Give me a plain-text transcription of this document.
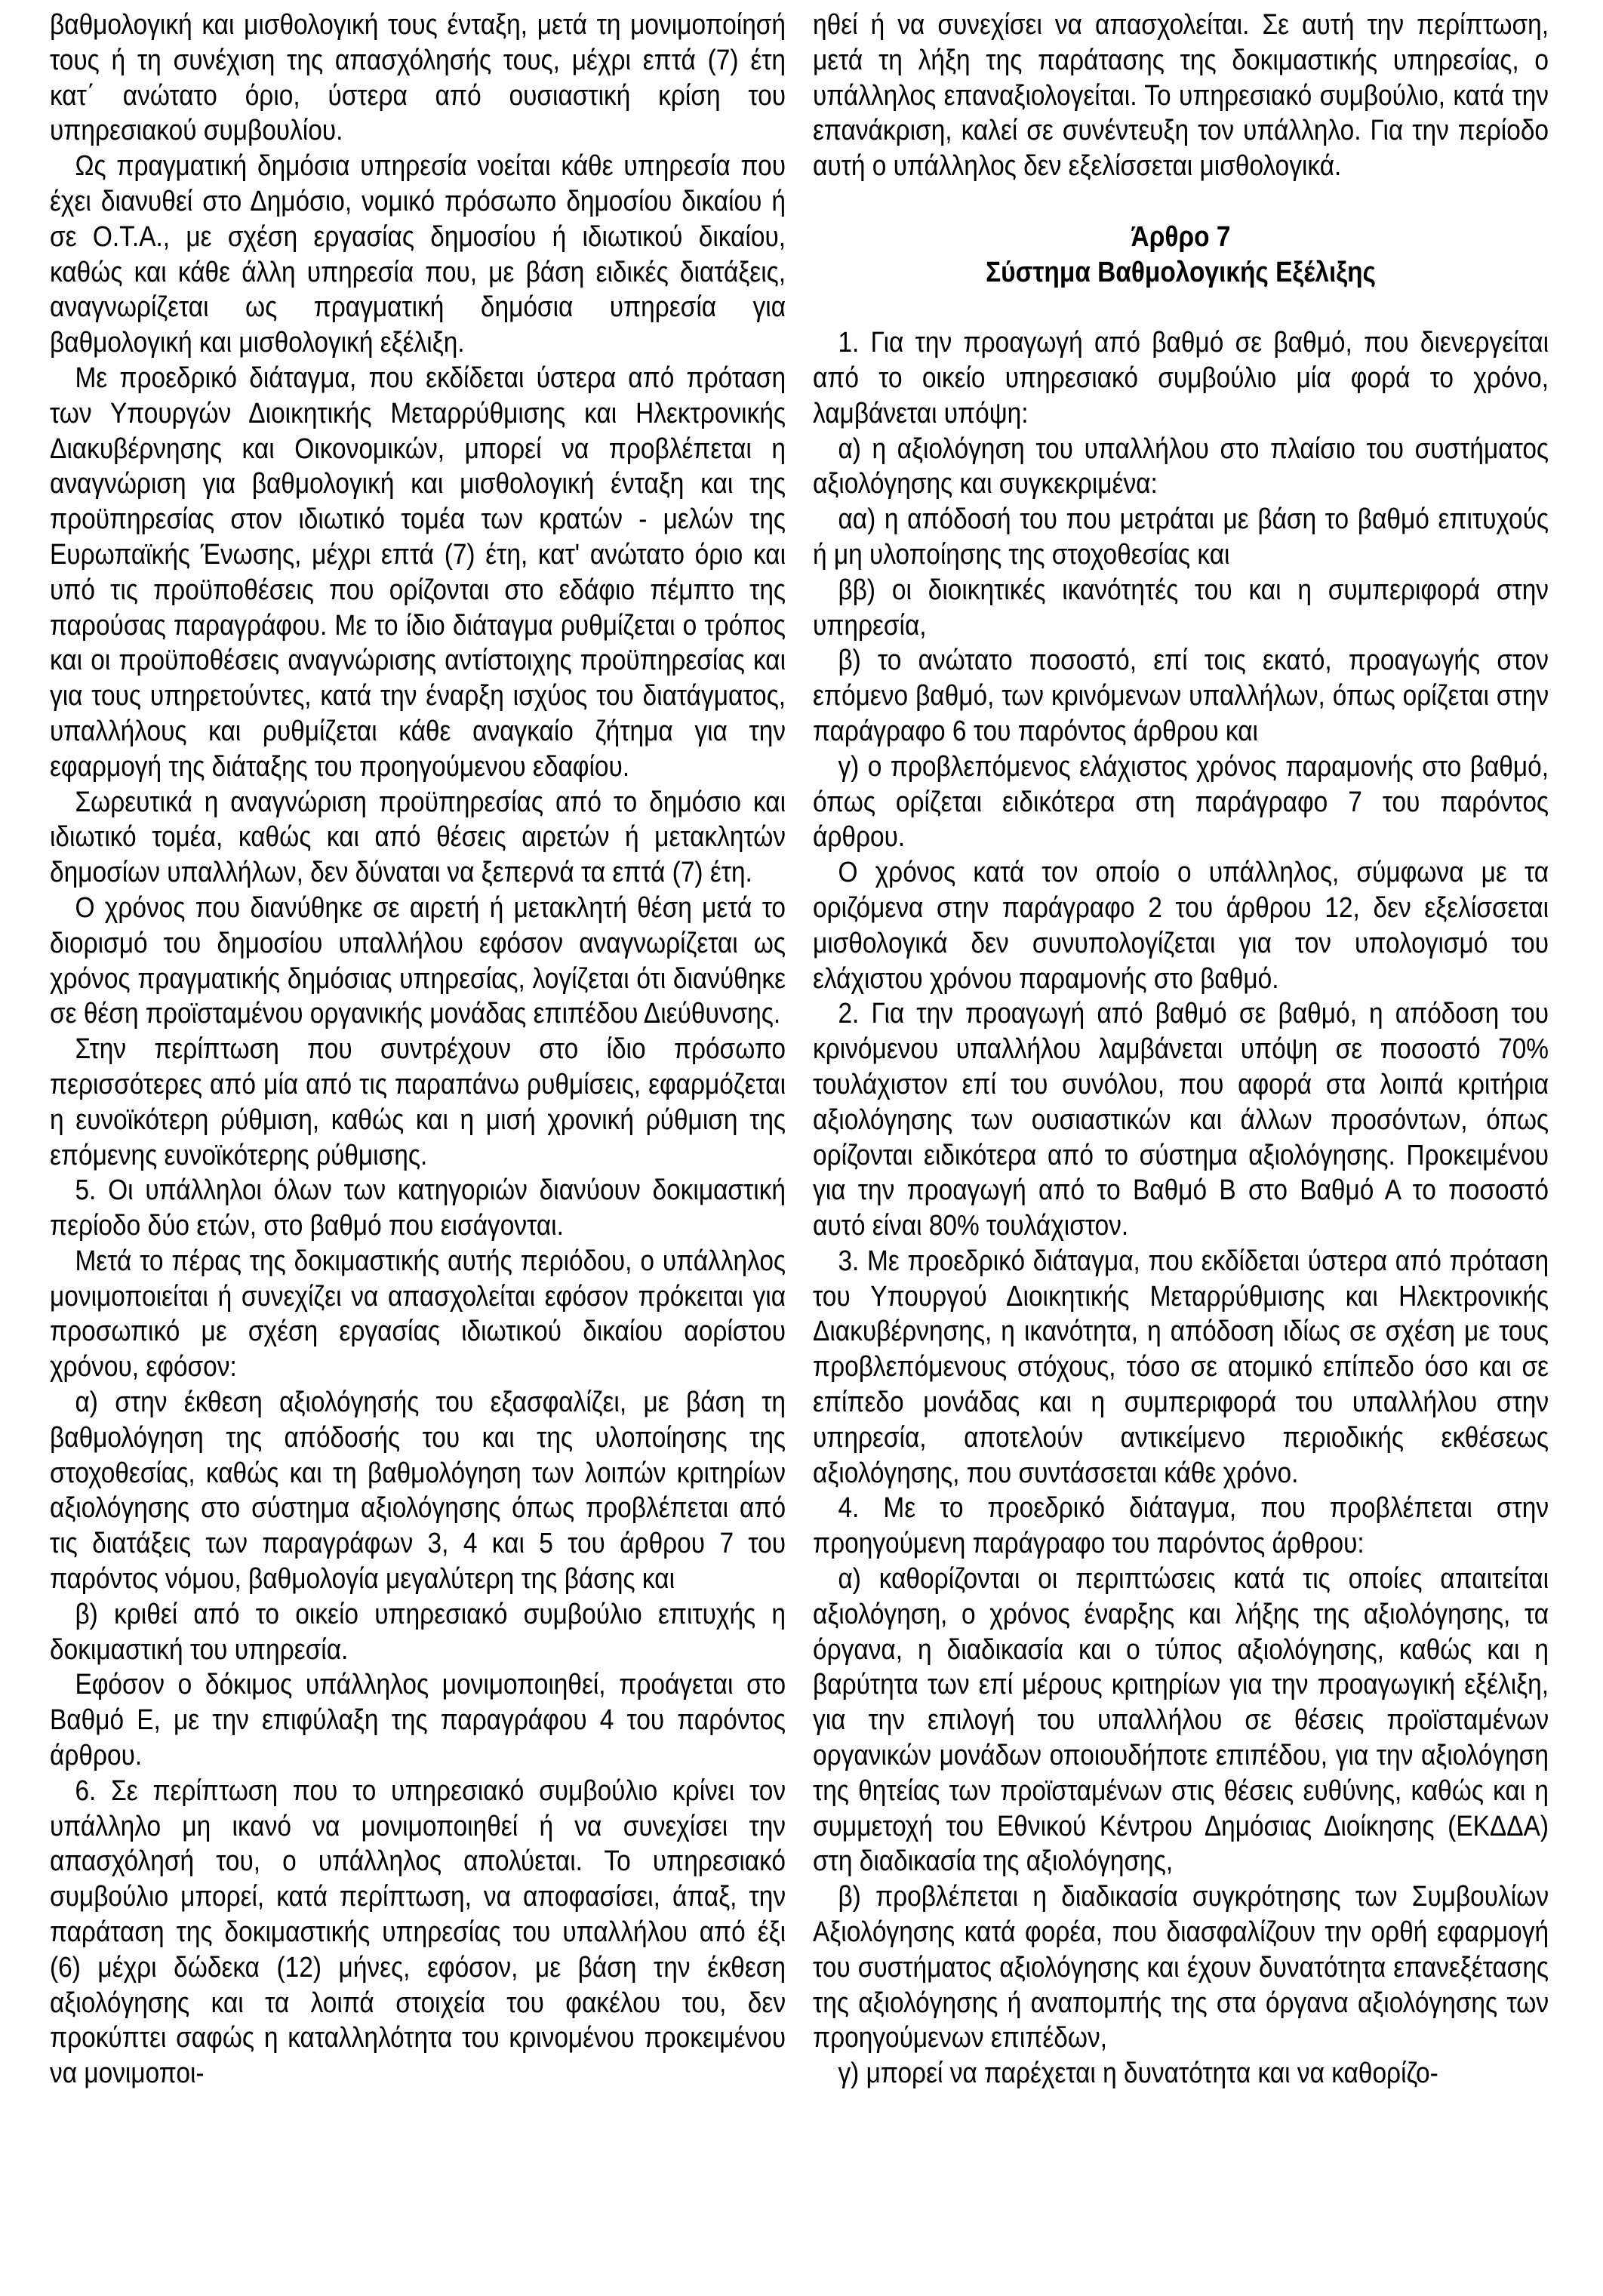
βαθμολογική και μισθολογική τους ένταξη, μετά τη μονιμοποίησή τους ή τη συνέχιση της απασχόλησής τους, μέχρι επτά (7) έτη κατ΄ ανώτατο όριο, ύστερα από ουσιαστική κρίση του υπηρεσιακού συμβουλίου.

Ως πραγματική δημόσια υπηρεσία νοείται κάθε υπηρεσία που έχει διανυθεί στο Δημόσιο, νομικό πρόσωπο δημοσίου δικαίου ή σε Ο.Τ.Α., με σχέση εργασίας δημοσίου ή ιδιωτικού δικαίου, καθώς και κάθε άλλη υπηρεσία που, με βάση ειδικές διατάξεις, αναγνωρίζεται ως πραγματική δημόσια υπηρεσία για βαθμολογική και μισθολογική εξέλιξη.

Με προεδρικό διάταγμα, που εκδίδεται ύστερα από πρόταση των Υπουργών Διοικητικής Μεταρρύθμισης και Ηλεκτρονικής Διακυβέρνησης και Οικονομικών, μπορεί να προβλέπεται η αναγνώριση για βαθμολογική και μισθολογική ένταξη και της προϋπηρεσίας στον ιδιωτικό τομέα των κρατών - μελών της Ευρωπαϊκής Ένωσης, μέχρι επτά (7) έτη, κατ' ανώτατο όριο και υπό τις προϋποθέσεις που ορίζονται στο εδάφιο πέμπτο της παρούσας παραγράφου. Με το ίδιο διάταγμα ρυθμίζεται ο τρόπος και οι προϋποθέσεις αναγνώρισης αντίστοιχης προϋπηρεσίας και για τους υπηρετούντες, κατά την έναρξη ισχύος του διατάγματος, υπαλλήλους και ρυθμίζεται κάθε αναγκαίο ζήτημα για την εφαρμογή της διάταξης του προηγούμενου εδαφίου.

Σωρευτικά η αναγνώριση προϋπηρεσίας από το δημόσιο και ιδιωτικό τομέα, καθώς και από θέσεις αιρετών ή μετακλητών δημοσίων υπαλλήλων, δεν δύναται να ξεπερνά τα επτά (7) έτη.

Ο χρόνος που διανύθηκε σε αιρετή ή μετακλητή θέση μετά το διορισμό του δημοσίου υπαλλήλου εφόσον αναγνωρίζεται ως χρόνος πραγματικής δημόσιας υπηρεσίας, λογίζεται ότι διανύθηκε σε θέση προϊσταμένου οργανικής μονάδας επιπέδου Διεύθυνσης.

Στην περίπτωση που συντρέχουν στο ίδιο πρόσωπο περισσότερες από μία από τις παραπάνω ρυθμίσεις, εφαρμόζεται η ευνοϊκότερη ρύθμιση, καθώς και η μισή χρονική ρύθμιση της επόμενης ευνοϊκότερης ρύθμισης.

5. Οι υπάλληλοι όλων των κατηγοριών διανύουν δοκιμαστική περίοδο δύο ετών, στο βαθμό που εισάγονται.

Μετά το πέρας της δοκιμαστικής αυτής περιόδου, ο υπάλληλος μονιμοποιείται ή συνεχίζει να απασχολείται εφόσον πρόκειται για προσωπικό με σχέση εργασίας ιδιωτικού δικαίου αορίστου χρόνου, εφόσον:

α) στην έκθεση αξιολόγησής του εξασφαλίζει, με βάση τη βαθμολόγηση της απόδοσής του και της υλοποίησης της στοχοθεσίας, καθώς και τη βαθμολόγηση των λοιπών κριτηρίων αξιολόγησης στο σύστημα αξιολόγησης όπως προβλέπεται από τις διατάξεις των παραγράφων 3, 4 και 5 του άρθρου 7 του παρόντος νόμου, βαθμολογία μεγαλύτερη της βάσης και

β) κριθεί από το οικείο υπηρεσιακό συμβούλιο επιτυχής η δοκιμαστική του υπηρεσία.

Εφόσον ο δόκιμος υπάλληλος μονιμοποιηθεί, προάγεται στο Βαθμό Ε, με την επιφύλαξη της παραγράφου 4 του παρόντος άρθρου.

6. Σε περίπτωση που το υπηρεσιακό συμβούλιο κρίνει τον υπάλληλο μη ικανό να μονιμοποιηθεί ή να συνεχίσει την απασχόλησή του, ο υπάλληλος απολύεται. Το υπηρεσιακό συμβούλιο μπορεί, κατά περίπτωση, να αποφασίσει, άπαξ, την παράταση της δοκιμαστικής υπηρεσίας του υπαλλήλου από έξι (6) μέχρι δώδεκα (12) μήνες, εφόσον, με βάση την έκθεση αξιολόγησης και τα λοιπά στοιχεία του φακέλου του, δεν προκύπτει σαφώς η καταλληλότητα του κρινομένου προκειμένου να μονιμοποι-

ηθεί ή να συνεχίσει να απασχολείται. Σε αυτή την περίπτωση, μετά τη λήξη της παράτασης της δοκιμαστικής υπηρεσίας, ο υπάλληλος επαναξιολογείται. Το υπηρεσιακό συμβούλιο, κατά την επανάκριση, καλεί σε συνέντευξη τον υπάλληλο. Για την περίοδο αυτή ο υπάλληλος δεν εξελίσσεται μισθολογικά.

Άρθρο 7
Σύστημα Βαθμολογικής Εξέλιξης

1. Για την προαγωγή από βαθμό σε βαθμό, που διενεργείται από το οικείο υπηρεσιακό συμβούλιο μία φορά το χρόνο, λαμβάνεται υπόψη:

α) η αξιολόγηση του υπαλλήλου στο πλαίσιο του συστήματος αξιολόγησης και συγκεκριμένα:

αα) η απόδοσή του που μετράται με βάση το βαθμό επιτυχούς ή μη υλοποίησης της στοχοθεσίας και

ββ) οι διοικητικές ικανότητές του και η συμπεριφορά στην υπηρεσία,

β) το ανώτατο ποσοστό, επί τοις εκατό, προαγωγής στον επόμενο βαθμό, των κρινόμενων υπαλλήλων, όπως ορίζεται στην παράγραφο 6 του παρόντος άρθρου και

γ) ο προβλεπόμενος ελάχιστος χρόνος παραμονής στο βαθμό, όπως ορίζεται ειδικότερα στη παράγραφο 7 του παρόντος άρθρου.

Ο χρόνος κατά τον οποίο ο υπάλληλος, σύμφωνα με τα οριζόμενα στην παράγραφο 2 του άρθρου 12, δεν εξελίσσεται μισθολογικά δεν συνυπολογίζεται για τον υπολογισμό του ελάχιστου χρόνου παραμονής στο βαθμό.

2. Για την προαγωγή από βαθμό σε βαθμό, η απόδοση του κρινόμενου υπαλλήλου λαμβάνεται υπόψη σε ποσοστό 70% τουλάχιστον επί του συνόλου, που αφορά στα λοιπά κριτήρια αξιολόγησης των ουσιαστικών και άλλων προσόντων, όπως ορίζονται ειδικότερα από το σύστημα αξιολόγησης. Προκειμένου για την προαγωγή από το Βαθμό Β στο Βαθμό Α το ποσοστό αυτό είναι 80% τουλάχιστον.

3. Με προεδρικό διάταγμα, που εκδίδεται ύστερα από πρόταση του Υπουργού Διοικητικής Μεταρρύθμισης και Ηλεκτρονικής Διακυβέρνησης, η ικανότητα, η απόδοση ιδίως σε σχέση με τους προβλεπόμενους στόχους, τόσο σε ατομικό επίπεδο όσο και σε επίπεδο μονάδας και η συμπεριφορά του υπαλλήλου στην υπηρεσία, αποτελούν αντικείμενο περιοδικής εκθέσεως αξιολόγησης, που συντάσσεται κάθε χρόνο.

4. Με το προεδρικό διάταγμα, που προβλέπεται στην προηγούμενη παράγραφο του παρόντος άρθρου:

α) καθορίζονται οι περιπτώσεις κατά τις οποίες απαιτείται αξιολόγηση, ο χρόνος έναρξης και λήξης της αξιολόγησης, τα όργανα, η διαδικασία και ο τύπος αξιολόγησης, καθώς και η βαρύτητα των επί μέρους κριτηρίων για την προαγωγική εξέλιξη, για την επιλογή του υπαλλήλου σε θέσεις προϊσταμένων οργανικών μονάδων οποιουδήποτε επιπέδου, για την αξιολόγηση της θητείας των προϊσταμένων στις θέσεις ευθύνης, καθώς και η συμμετοχή του Εθνικού Κέντρου Δημόσιας Διοίκησης (ΕΚΔΔΑ) στη διαδικασία της αξιολόγησης,

β) προβλέπεται η διαδικασία συγκρότησης των Συμβουλίων Αξιολόγησης κατά φορέα, που διασφαλίζουν την ορθή εφαρμογή του συστήματος αξιολόγησης και έχουν δυνατότητα επανεξέτασης της αξιολόγησης ή αναπομπής της στα όργανα αξιολόγησης των προηγούμενων επιπέδων,

γ) μπορεί να παρέχεται η δυνατότητα και να καθορίζο-
